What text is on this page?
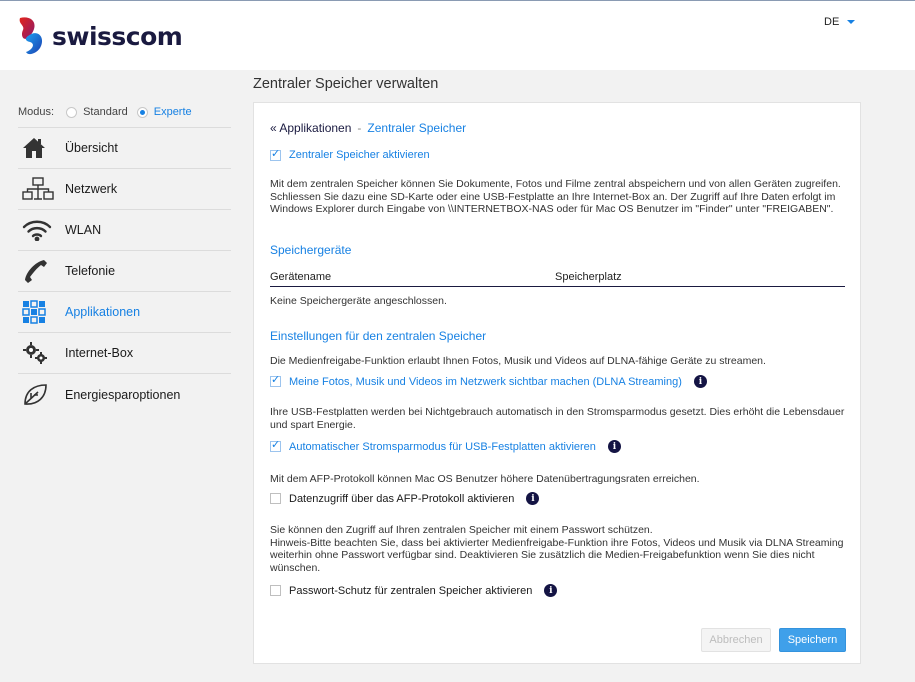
swisscom	DE
Modus:	Standard Experte
Übersicht
Netzwerk
WLAN
Telefonie
Applikationen
Internet-Box
Energiesparoptionen
Zentraler Speicher verwalten
« Applikationen - Zentraler Speicher
✓
Zentraler Speicher aktivieren
Mit dem zentralen Speicher können Sie Dokumente, Fotos und Filme zentral abspeichern und von allen Geräten zugreifen. Schliessen Sie dazu eine SD-Karte oder eine USB-Festplatte an Ihre Internet-Box an. Der Zugriff auf Ihre Daten erfolgt im Windows Explorer durch Eingabe von \\INTERNETBOX-NAS oder für Mac OS Benutzer im "Finder" unter "FREIGABEN".
Speichergeräte
Gerätename	Speicherplatz
Keine Speichergeräte angeschlossen.
Einstellungen für den zentralen Speicher
Die Medienfreigabe-Funktion erlaubt Ihnen Fotos, Musik und Videos auf DLNA-fähige Geräte zu streamen.
✓
Meine Fotos, Musik und Videos im Netzwerk sichtbar machen (DLNA Streaming)	i
Ihre USB-Festplatten werden bei Nichtgebrauch automatisch in den Stromsparmodus gesetzt. Dies erhöht die Lebensdauer und spart Energie.
✓
Automatischer Stromsparmodus für USB-Festplatten aktivieren	i
Mit dem AFP-Protokoll können Mac OS Benutzer höhere Datenübertragungsraten erreichen.
Datenzugriff über das AFP-Protokoll aktivieren	i
Sie können den Zugriff auf Ihren zentralen Speicher mit einem Passwort schützen.
Hinweis-Bitte beachten Sie, dass bei aktivierter Medienfreigabe-Funktion ihre Fotos, Videos und Musik via DLNA Streaming weiterhin ohne Passwort verfügbar sind. Deaktivieren Sie zusätzlich die Medien-Freigabefunktion wenn Sie dies nicht wünschen.
Passwort-Schutz für zentralen Speicher aktivieren	i
Abbrechen	Speichern
